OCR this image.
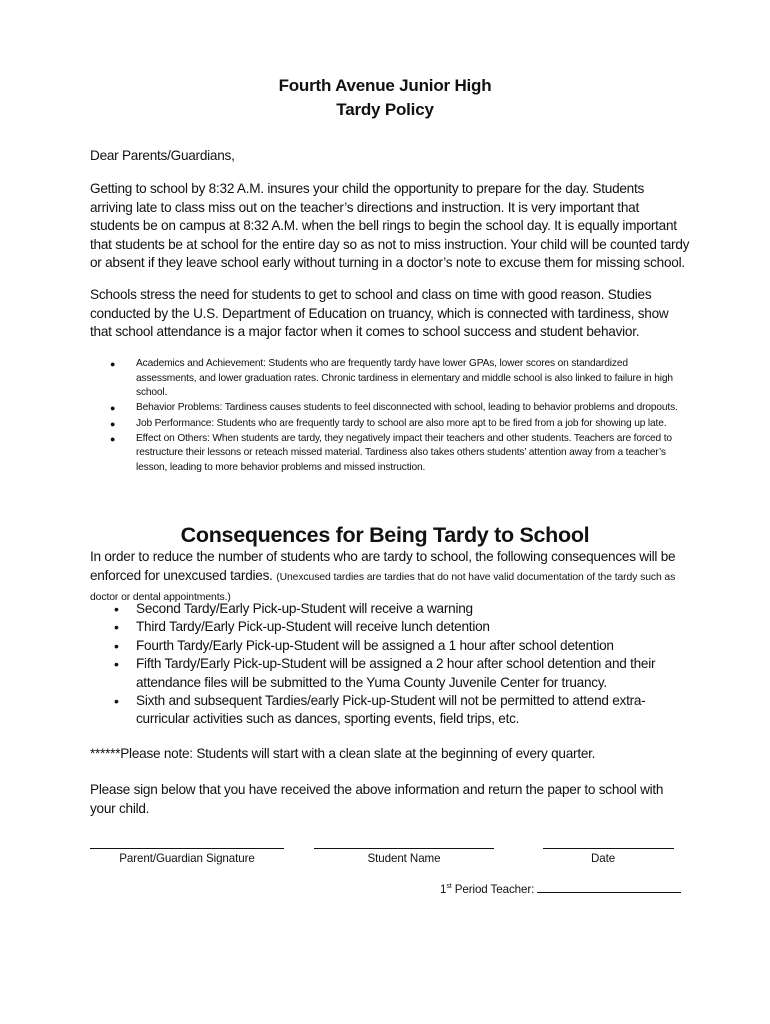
Fourth Avenue Junior High
Tardy Policy
Dear Parents/Guardians,
Getting to school by 8:32 A.M. insures your child the opportunity to prepare for the day. Students arriving late to class miss out on the teacher’s directions and instruction. It is very important that students be on campus at 8:32 A.M. when the bell rings to begin the school day. It is equally important that students be at school for the entire day so as not to miss instruction. Your child will be counted tardy or absent if they leave school early without turning in a doctor’s note to excuse them for missing school.
Schools stress the need for students to get to school and class on time with good reason. Studies conducted by the U.S. Department of Education on truancy, which is connected with tardiness, show that school attendance is a major factor when it comes to school success and student behavior.
● Academics and Achievement: Students who are frequently tardy have lower GPAs, lower scores on standardized assessments, and lower graduation rates. Chronic tardiness in elementary and middle school is also linked to failure in high school.
● Behavior Problems: Tardiness causes students to feel disconnected with school, leading to behavior problems and dropouts.
● Job Performance: Students who are frequently tardy to school are also more apt to be fired from a job for showing up late.
● Effect on Others: When students are tardy, they negatively impact their teachers and other students. Teachers are forced to restructure their lessons or reteach missed material. Tardiness also takes others students’ attention away from a teacher’s lesson, leading to more behavior problems and missed instruction.
Consequences for Being Tardy to School
In order to reduce the number of students who are tardy to school, the following consequences will be enforced for unexcused tardies. (Unexcused tardies are tardies that do not have valid documentation of the tardy such as doctor or dental appointments.)
• Second Tardy/Early Pick-up-Student will receive a warning
• Third Tardy/Early Pick-up-Student will receive lunch detention
• Fourth Tardy/Early Pick-up-Student will be assigned a 1 hour after school detention
• Fifth Tardy/Early Pick-up-Student will be assigned a 2 hour after school detention and their attendance files will be submitted to the Yuma County Juvenile Center for truancy.
• Sixth and subsequent Tardies/early Pick-up-Student will not be permitted to attend extra-curricular activities such as dances, sporting events, field trips, etc.
******Please note: Students will start with a clean slate at the beginning of every quarter.
Please sign below that you have received the above information and return the paper to school with your child.
Parent/Guardian Signature	Student Name	Date
1st Period Teacher:
